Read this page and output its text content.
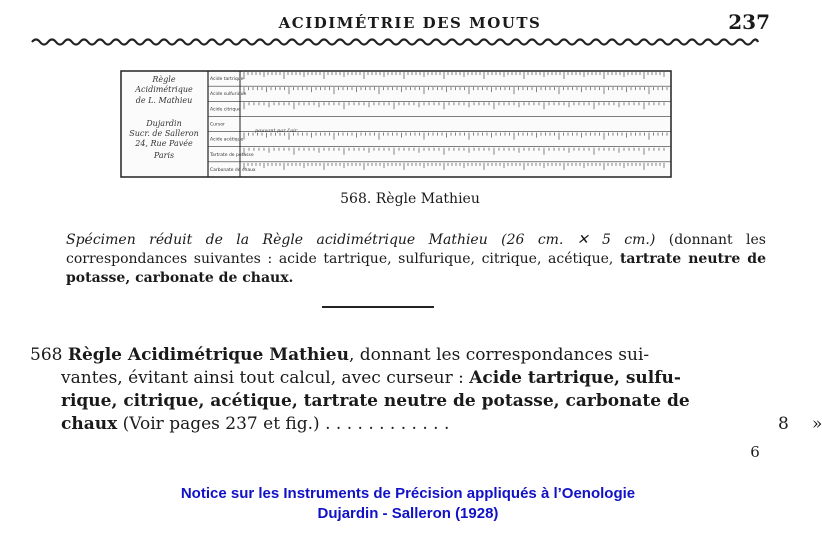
ACIDIMÉTRIE DES MOUTS	237
Règle
Acidimétrique
de L. Mathieu
Dujardin
Sucr. de Salleron
24, Rue Pavée
Paris
Acide tartrique
Acide sulfurique
Acide citrique
Cursor
Acide acétique
Tartrate de potasse
Carbonate de chaux
pouvant par l'air
568. Règle Mathieu
Spécimen réduit de la Règle acidimétrique Mathieu (26 cm. ✕ 5 cm.) (donnant les correspondances suivantes : acide tartrique, sulfurique, citrique, acétique, tartrate neutre de potasse, carbonate de chaux.
568 Règle Acidimétrique Mathieu, donnant les correspondances sui-
vantes, évitant ainsi tout calcul, avec curseur : Acide tartrique, sulfu-
rique, citrique, acétique, tartrate neutre de potasse, carbonate de
chaux (Voir pages 237 et fig.) . . . . . . . . . . . .	8 »
6
Notice sur les Instruments de Précision appliqués à l’Oenologie
Dujardin - Salleron (1928)
